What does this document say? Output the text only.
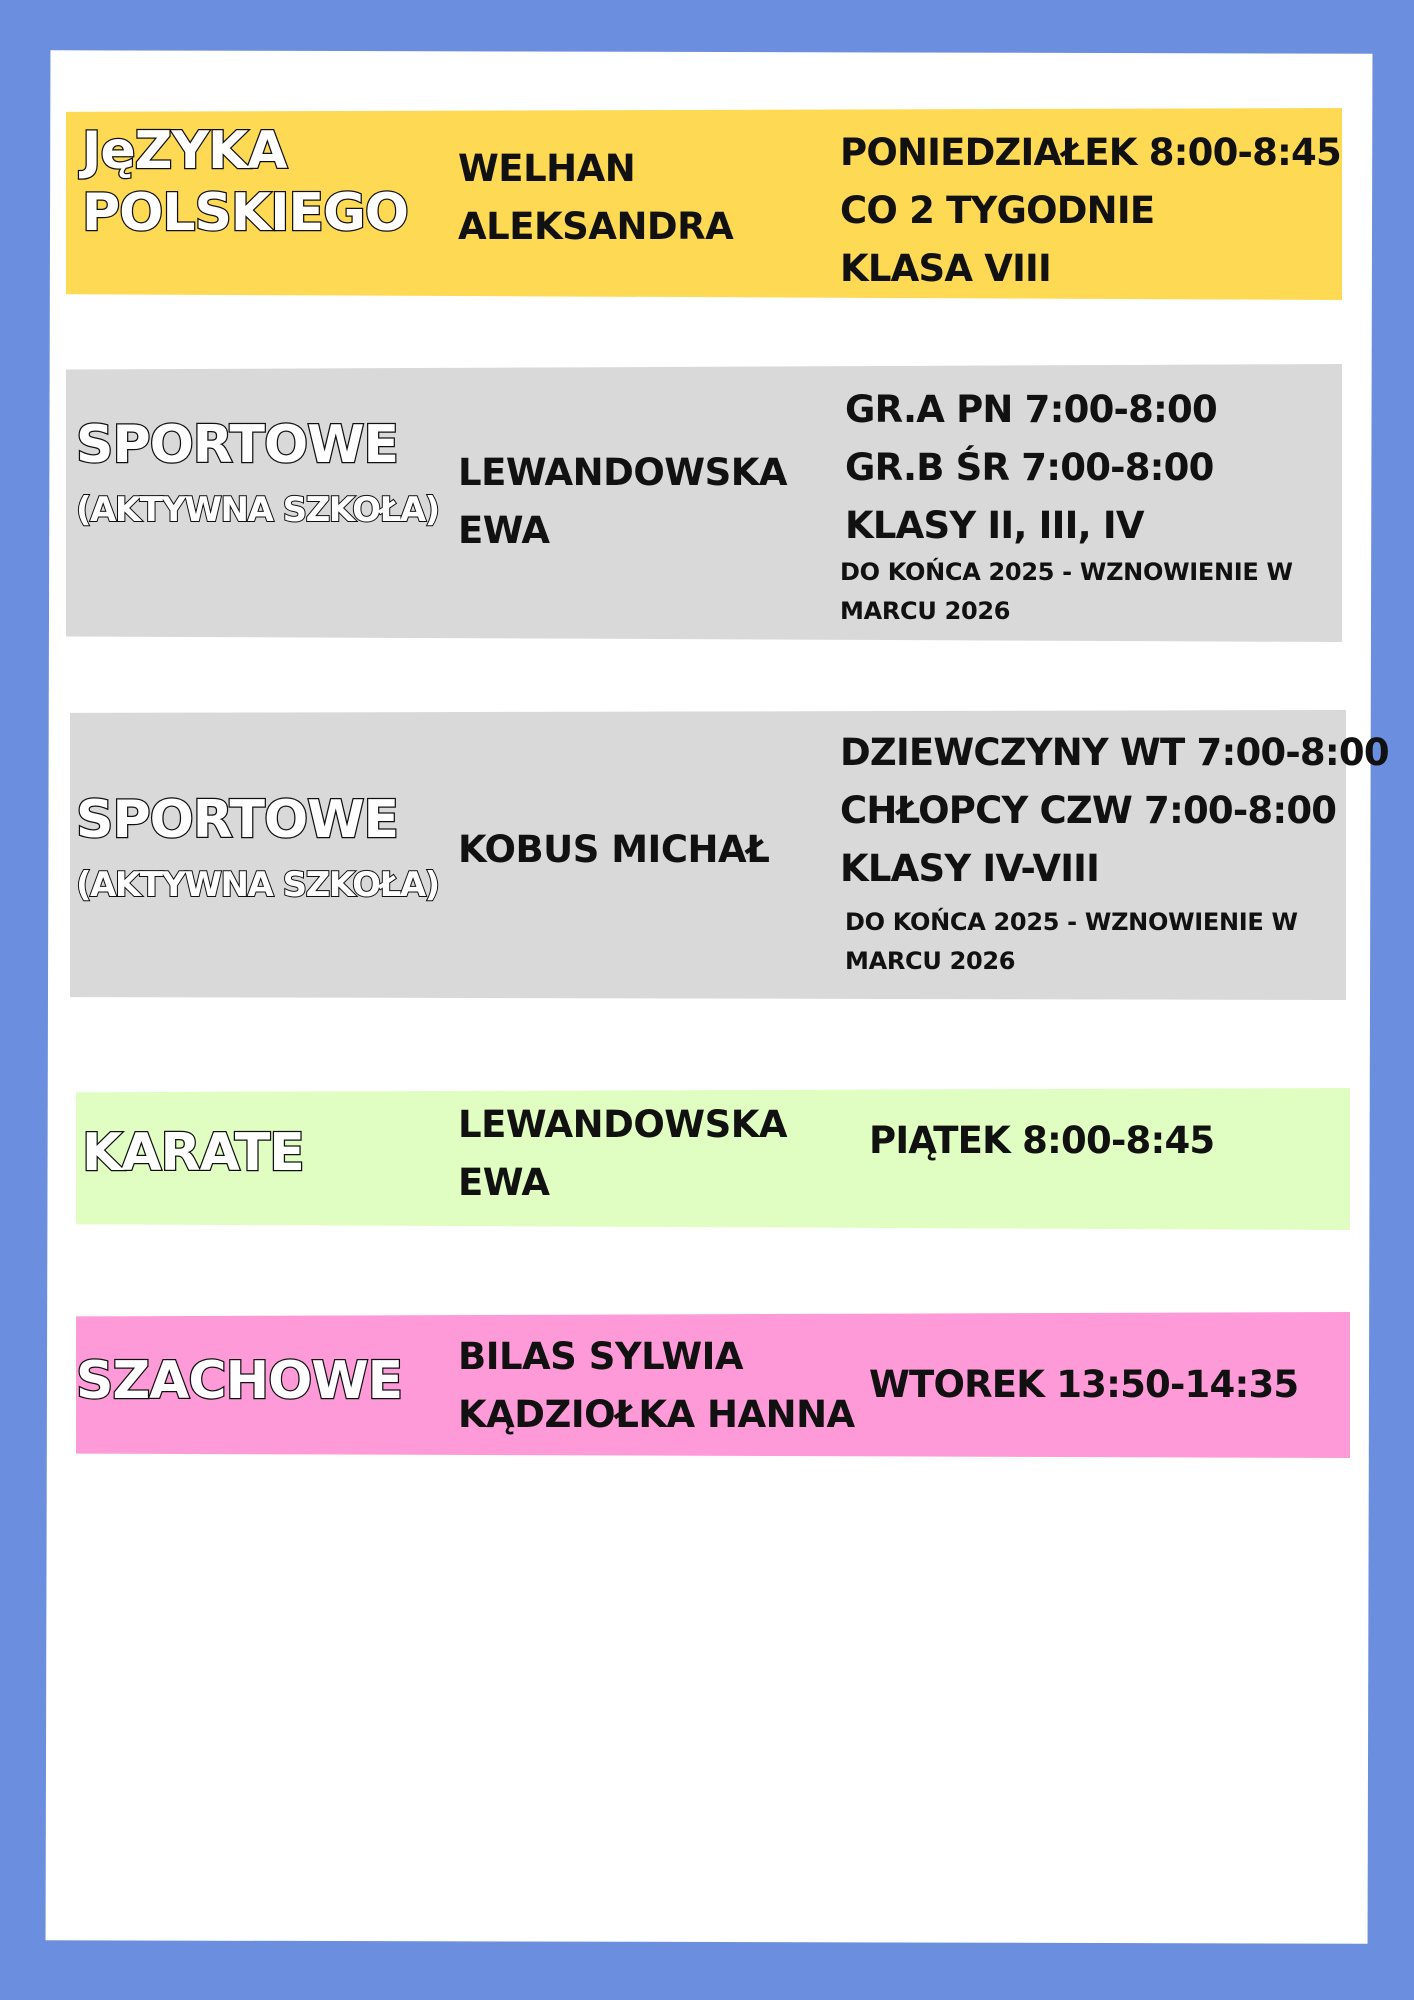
JęZYKA
POLSKIEGO
WELHAN
ALEKSANDRA
PONIEDZIAŁEK 8:00-8:45
CO 2 TYGODNIE
KLASA VIII
SPORTOWE
(AKTYWNA SZKOŁA)
LEWANDOWSKA
EWA
GR.A PN 7:00-8:00
GR.B ŚR 7:00-8:00
KLASY II, III, IV
DO KOŃCA 2025 - WZNOWIENIE W
MARCU 2026
SPORTOWE
(AKTYWNA SZKOŁA)
KOBUS MICHAŁ
DZIEWCZYNY WT 7:00-8:00
CHŁOPCY CZW 7:00-8:00
KLASY IV-VIII
DO KOŃCA 2025 - WZNOWIENIE W
MARCU 2026
KARATE	LEWANDOWSKA
EWA
PIĄTEK 8:00-8:45
SZACHOWE BILAS SYLWIA
KĄDZIOŁKA HANNA
WTOREK 13:50-14:35
